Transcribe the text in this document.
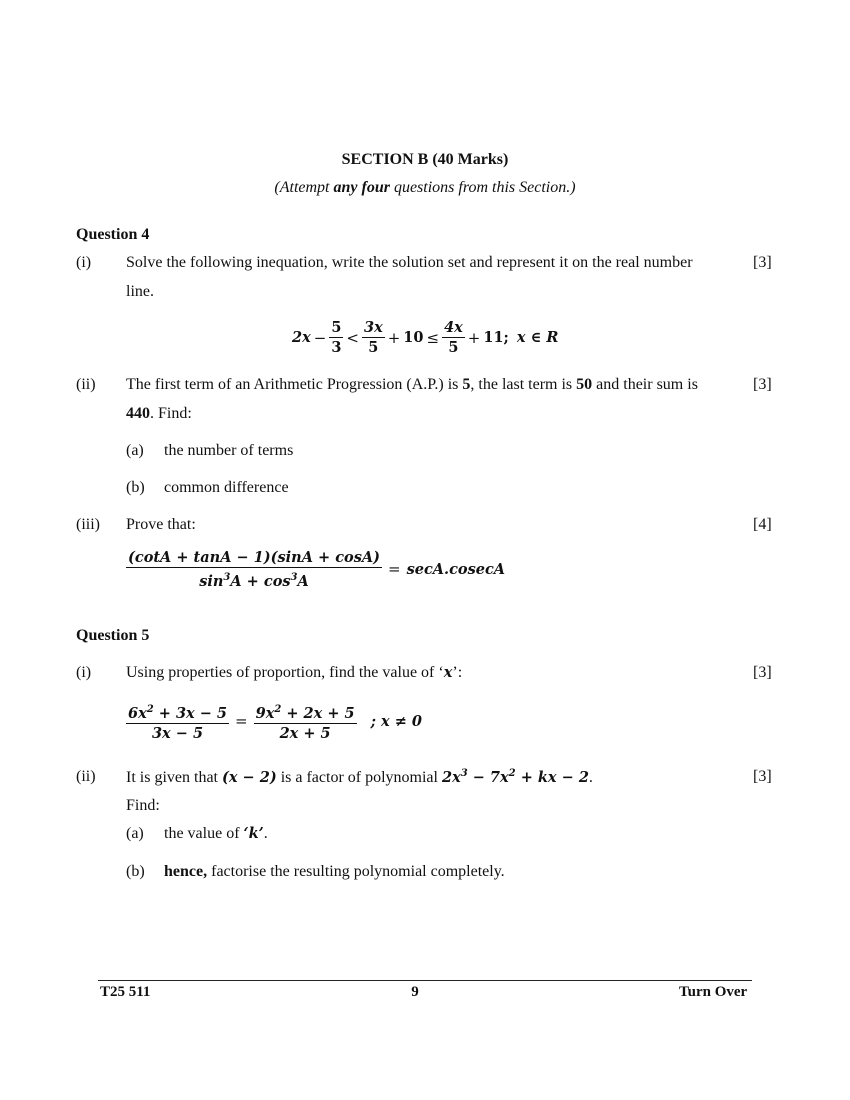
SECTION B (40 Marks)
(Attempt any four questions from this Section.)
Question 4
(i) Solve the following inequation, write the solution set and represent it on the real number	[3]
line.
$2x - \frac{5}{3} < \frac{3x}{5} + 10 \le \frac{4x}{5} + 11$; x ∈ R
(ii) The first term of an Arithmetic Progression (A.P.) is 5, the last term is 50 and their sum is	[3]
440. Find:
(a) the number of terms
(b) common difference
(iii) Prove that:	[4]
$\frac{(\cot A + \tan A - 1)(\sin A + \cos A)}{\sin^3A + \cos^3A} = \sec A.cosecA$
Question 5
(i) Using properties of proportion, find the value of ‘x’:	[3]
$\frac{6x^2 + 3x - 5}{3x - 5} = \frac{9x^2 + 2x + 5}{2x + 5}$ ; x ≠ 0
(ii) It is given that (x − 2) is a factor of polynomial $2x^3 - 7x^2$ + kx − 2.	[3]
Find:
(a) the value of ‘k’.
(b) hence, factorise the resulting polynomial completely.
T25 511	9	Turn Over
